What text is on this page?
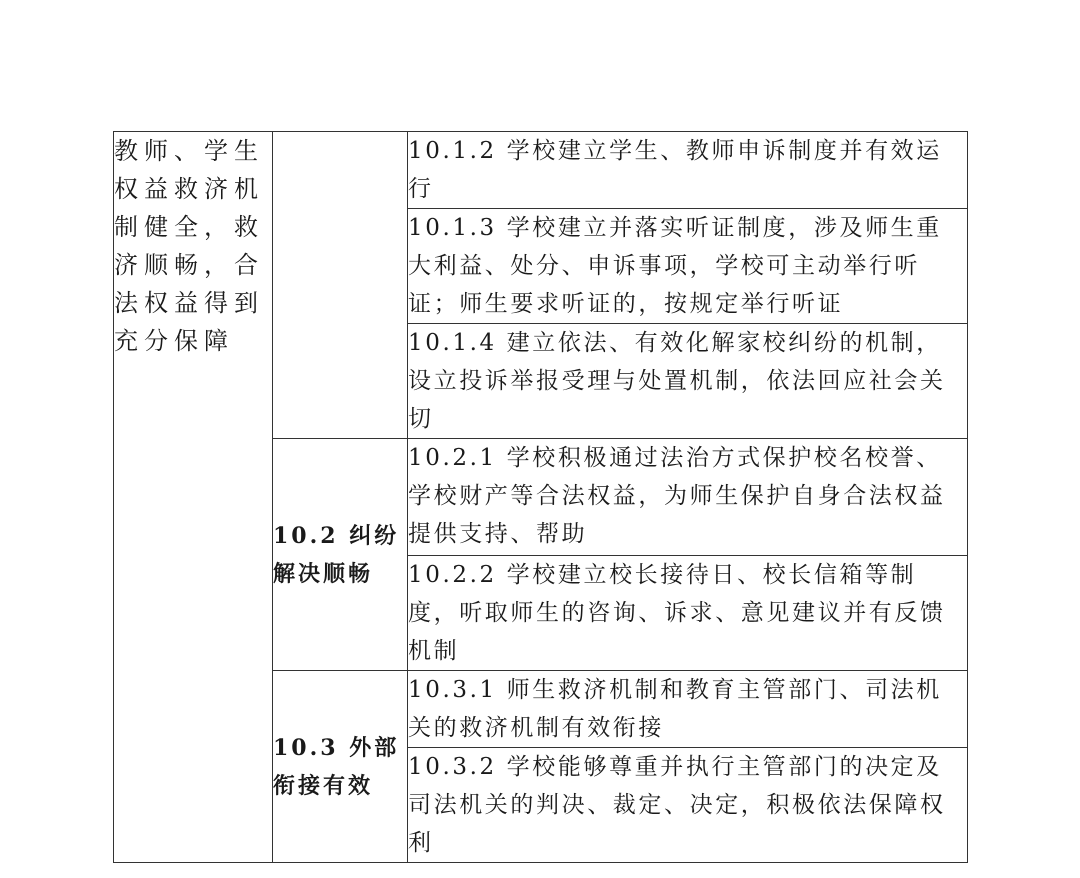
教师、学生权益救济机制健全，救济顺畅，合法权益得到充分保障		10.1.2 学校建立学生、教师申诉制度并有效运行

		10.1.3 学校建立并落实听证制度，涉及师生重大利益、处分、申诉事项，学校可主动举行听证；师生要求听证的，按规定举行听证

		10.1.4 建立依法、有效化解家校纠纷的机制，设立投诉举报受理与处置机制，依法回应社会关切

	10.2 纠纷解决顺畅	10.2.1 学校积极通过法治方式保护校名校誉、学校财产等合法权益，为师生保护自身合法权益提供支持、帮助

		10.2.2 学校建立校长接待日、校长信箱等制度，听取师生的咨询、诉求、意见建议并有反馈机制

	10.3 外部衔接有效	10.3.1 师生救济机制和教育主管部门、司法机关的救济机制有效衔接

		10.3.2 学校能够尊重并执行主管部门的决定及司法机关的判决、裁定、决定，积极依法保障权利
